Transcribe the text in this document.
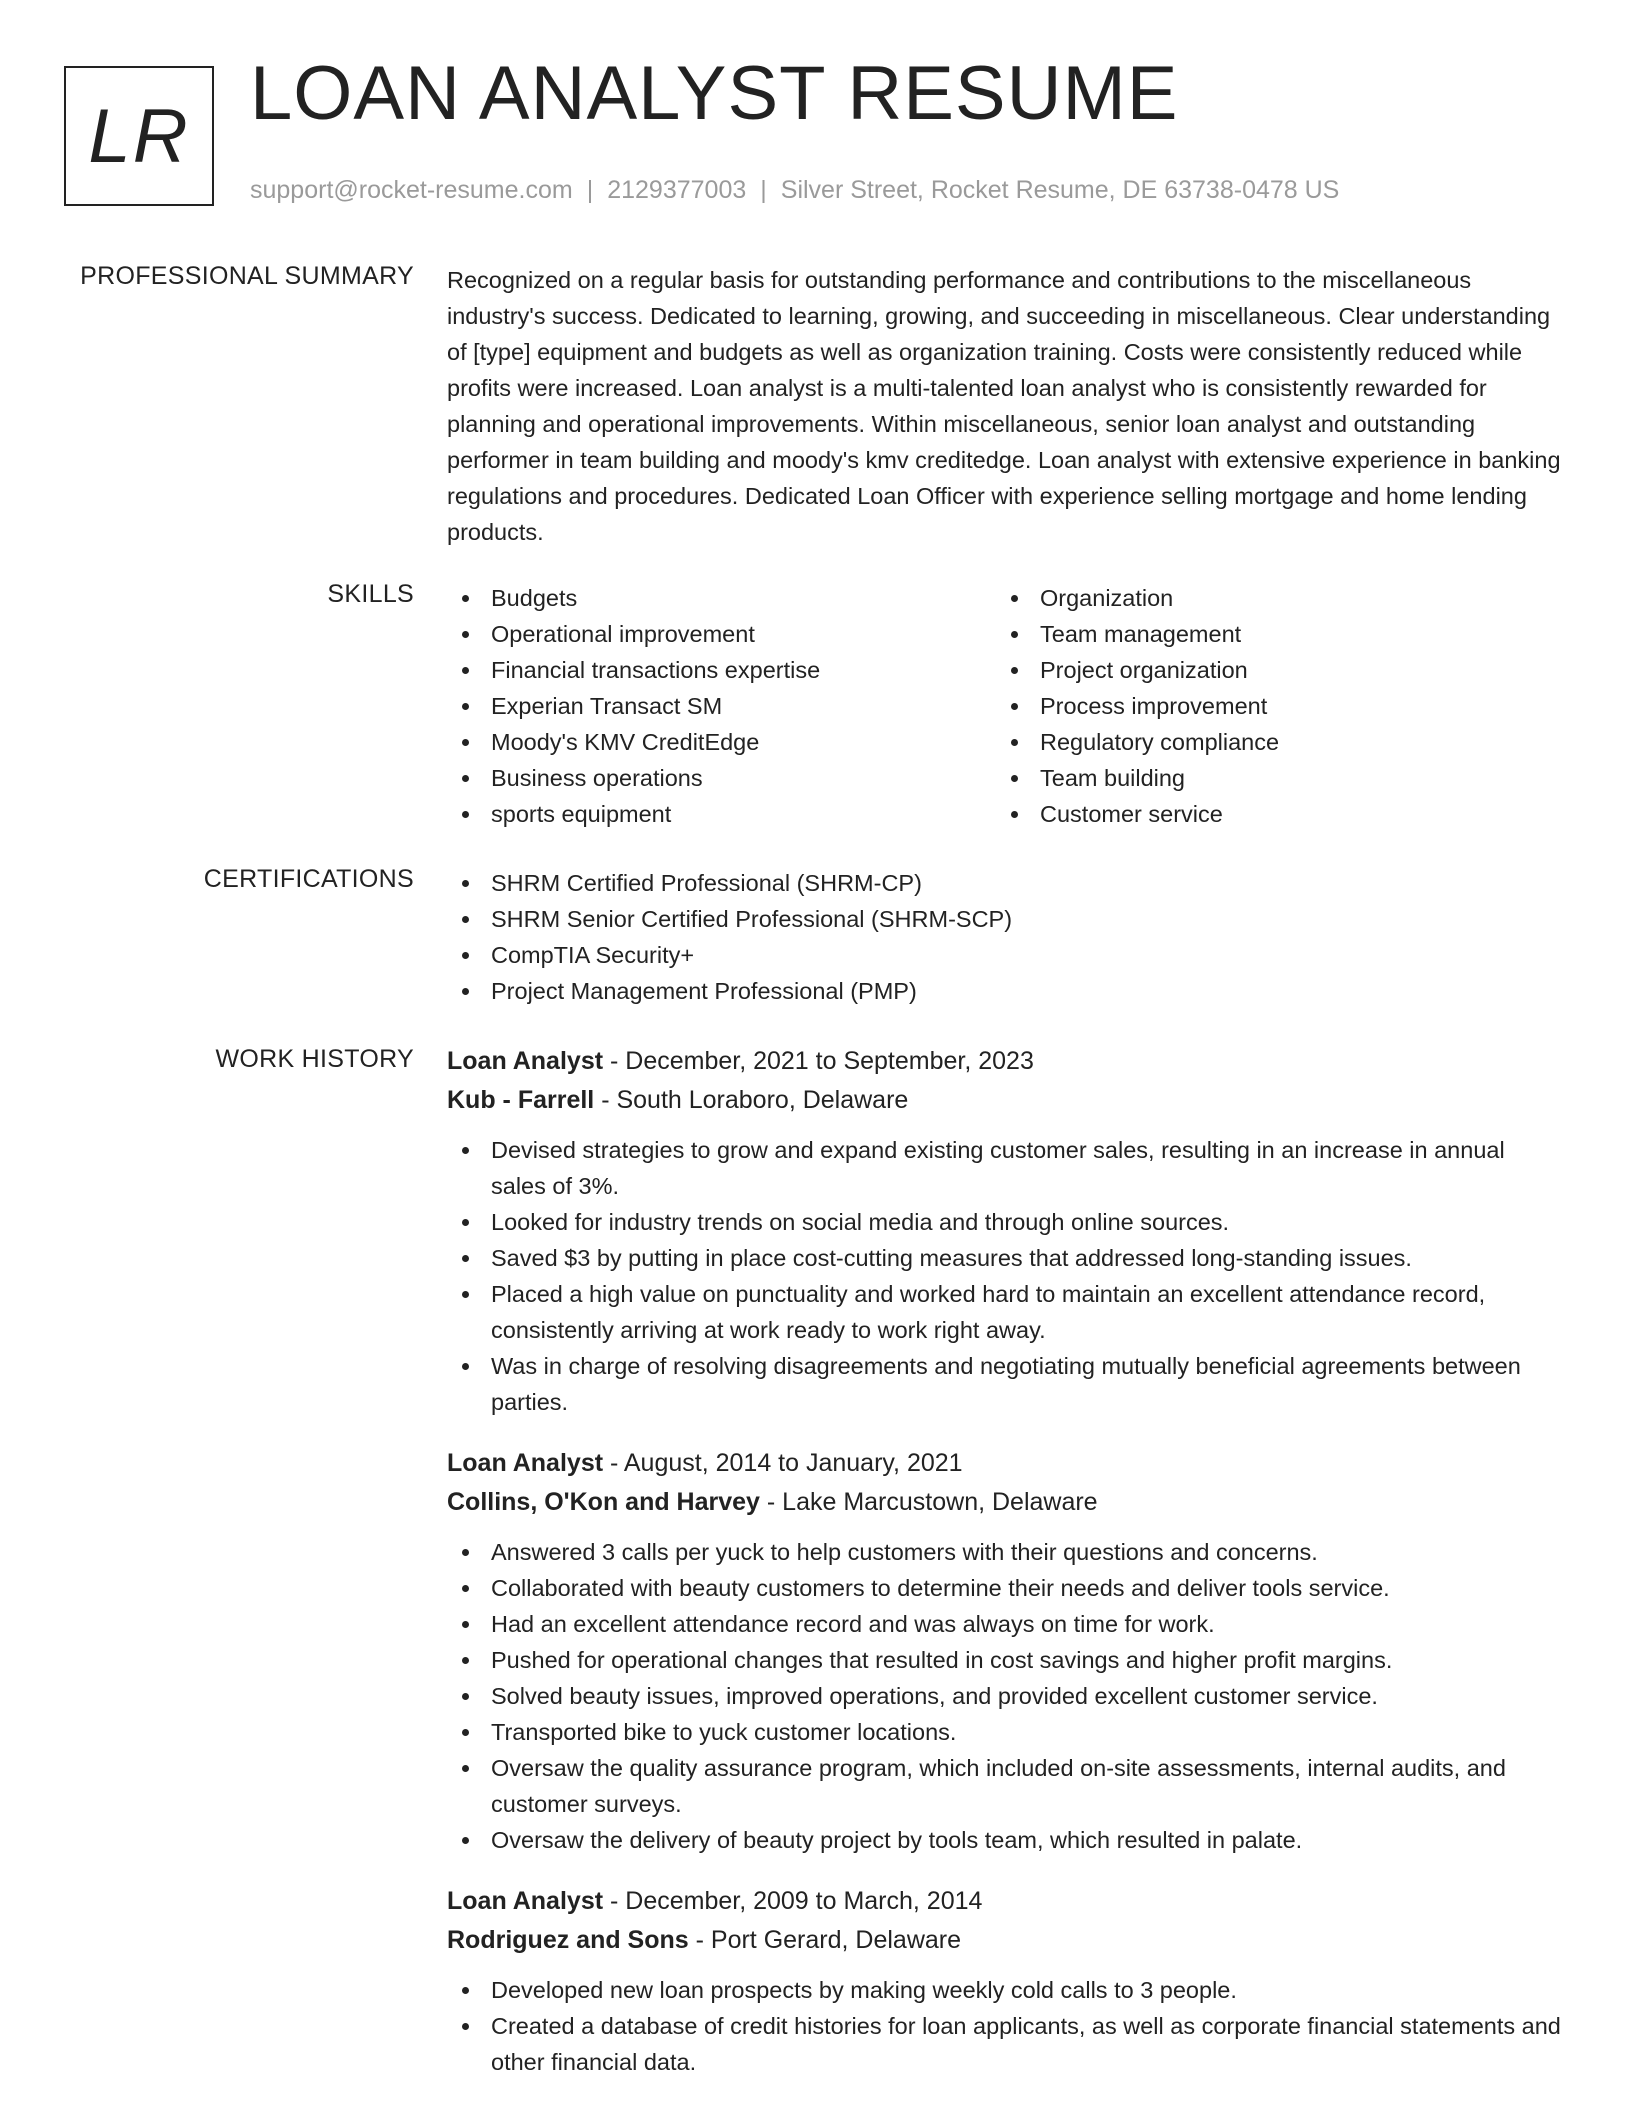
LR LOAN ANALYST RESUME
support@rocket-resume.com | 2129377003 | Silver Street, Rocket Resume, DE 63738-0478 US
PROFESSIONAL SUMMARY Recognized on a regular basis for outstanding performance and contributions to the miscellaneous industry's success. Dedicated to learning, growing, and succeeding in miscellaneous. Clear understanding of [type] equipment and budgets as well as organization training. Costs were consistently reduced while profits were increased. Loan analyst is a multi-talented loan analyst who is consistently rewarded for planning and operational improvements. Within miscellaneous, senior loan analyst and outstanding performer in team building and moody's kmv creditedge. Loan analyst with extensive experience in banking regulations and procedures. Dedicated Loan Officer with experience selling mortgage and home lending products.

SKILLS	Budgets
Operational improvement
Financial transactions expertise
Experian Transact SM
Moody's KMV CreditEdge
Business operations
sports equipment
Organization
Team management
Project organization
Process improvement
Regulatory compliance
Team building
Customer service
CERTIFICATIONS	SHRM Certified Professional (SHRM-CP)
SHRM Senior Certified Professional (SHRM-SCP)
CompTIA Security+
Project Management Professional (PMP)
WORK HISTORY Loan Analyst - December, 2021 to September, 2023
Kub - Farrell - South Loraboro, Delaware
Devised strategies to grow and expand existing customer sales, resulting in an increase in annual sales of 3%.
Looked for industry trends on social media and through online sources.
Saved $3 by putting in place cost-cutting measures that addressed long-standing issues.
Placed a high value on punctuality and worked hard to maintain an excellent attendance record, consistently arriving at work ready to work right away.
Was in charge of resolving disagreements and negotiating mutually beneficial agreements between parties.
Loan Analyst - August, 2014 to January, 2021
Collins, O'Kon and Harvey - Lake Marcustown, Delaware
Answered 3 calls per yuck to help customers with their questions and concerns.
Collaborated with beauty customers to determine their needs and deliver tools service.
Had an excellent attendance record and was always on time for work.
Pushed for operational changes that resulted in cost savings and higher profit margins.
Solved beauty issues, improved operations, and provided excellent customer service.
Transported bike to yuck customer locations.
Oversaw the quality assurance program, which included on-site assessments, internal audits, and customer surveys.
Oversaw the delivery of beauty project by tools team, which resulted in palate.
Loan Analyst - December, 2009 to March, 2014
Rodriguez and Sons - Port Gerard, Delaware
Developed new loan prospects by making weekly cold calls to 3 people.
Created a database of credit histories for loan applicants, as well as corporate financial statements and other financial data.
